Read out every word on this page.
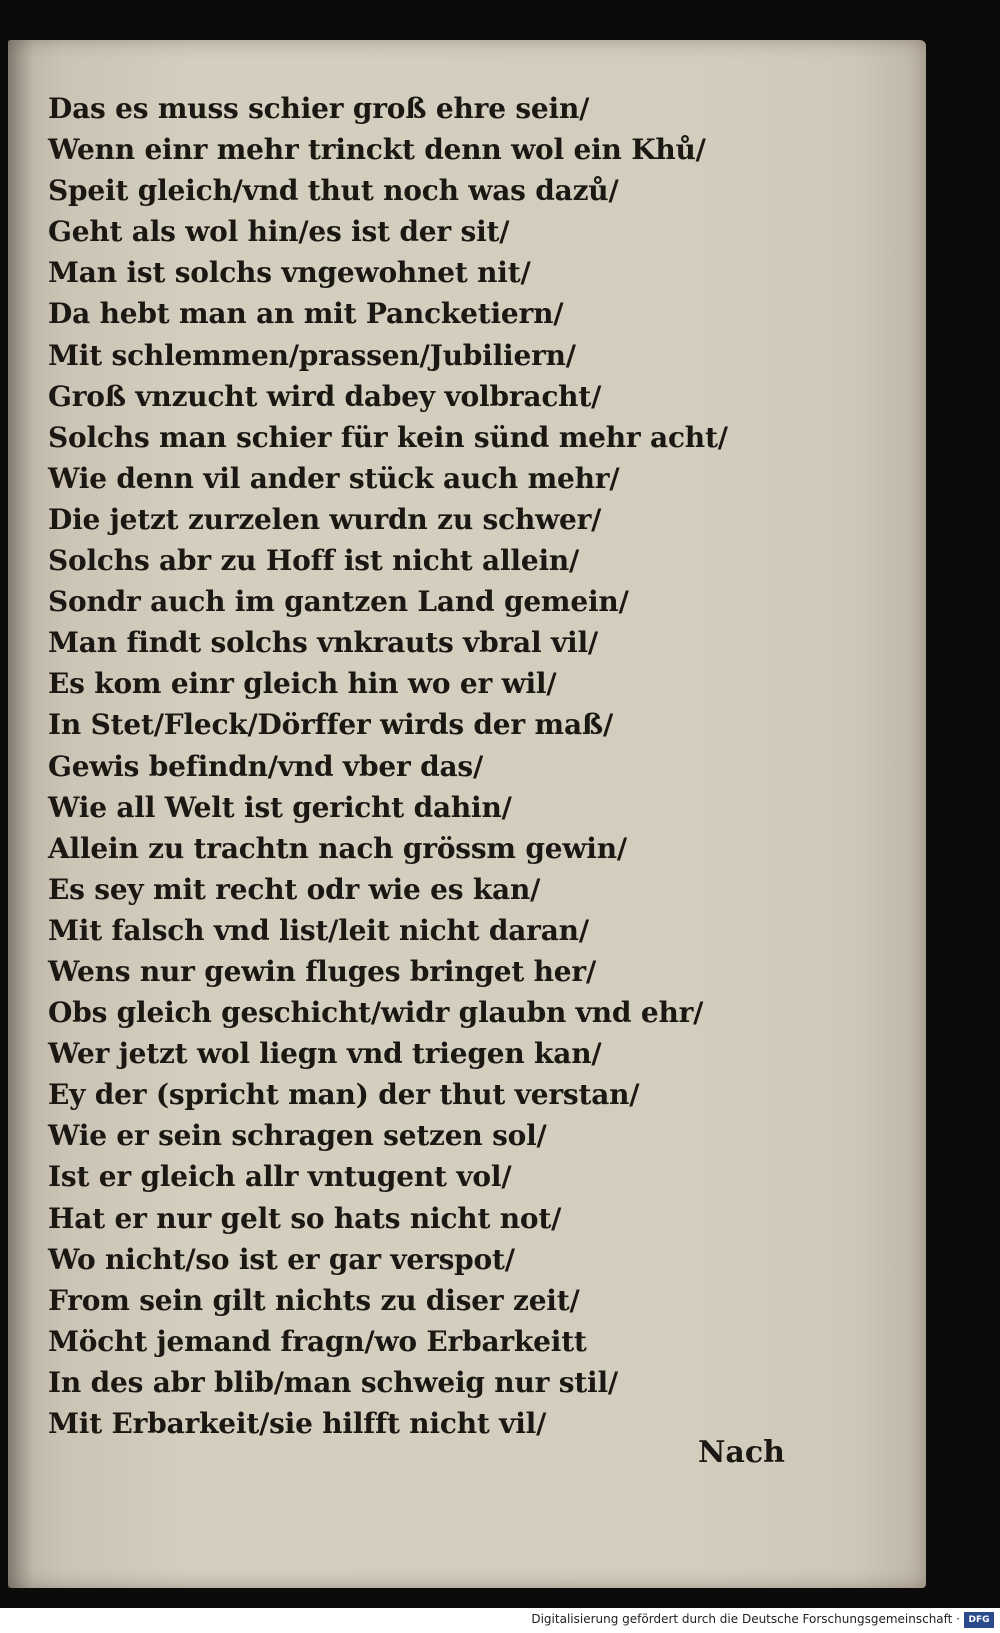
Das es muss schier groß ehre sein/
Wenn einr mehr trinckt denn wol ein Khů/
Speit gleich/vnd thut noch was dazů/
Geht als wol hin/es ist der sit/
Man ist solchs vngewohnet nit/
Da hebt man an mit Pancketiern/
Mit schlemmen/prassen/Jubiliern/
Groß vnzucht wird dabey volbracht/
Solchs man schier für kein sünd mehr acht/
Wie denn vil ander stück auch mehr/
Die jetzt zurzelen wurdn zu schwer/
Solchs abr zu Hoff ist nicht allein/
Sondr auch im gantzen Land gemein/
Man findt solchs vnkrauts vbral vil/
Es kom einr gleich hin wo er wil/
In Stet/Fleck/Dörffer wirds der maß/
Gewis befindn/vnd vber das/
Wie all Welt ist gericht dahin/
Allein zu trachtn nach grössm gewin/
Es sey mit recht odr wie es kan/
Mit falsch vnd list/leit nicht daran/
Wens nur gewin fluges bringet her/
Obs gleich geschicht/widr glaubn vnd ehr/
Wer jetzt wol liegn vnd triegen kan/
Ey der (spricht man) der thut verstan/
Wie er sein schragen setzen sol/
Ist er gleich allr vntugent vol/
Hat er nur gelt so hats nicht not/
Wo nicht/so ist er gar verspot/
From sein gilt nichts zu diser zeit/
Möcht jemand fragn/wo Erbarkeitt
In des abr blib/man schweig nur stil/
Mit Erbarkeit/sie hilfft nicht vil/
Nach
Digitalisierung gefördert durch die Deutsche Forschungsgemeinschaft · DFG
